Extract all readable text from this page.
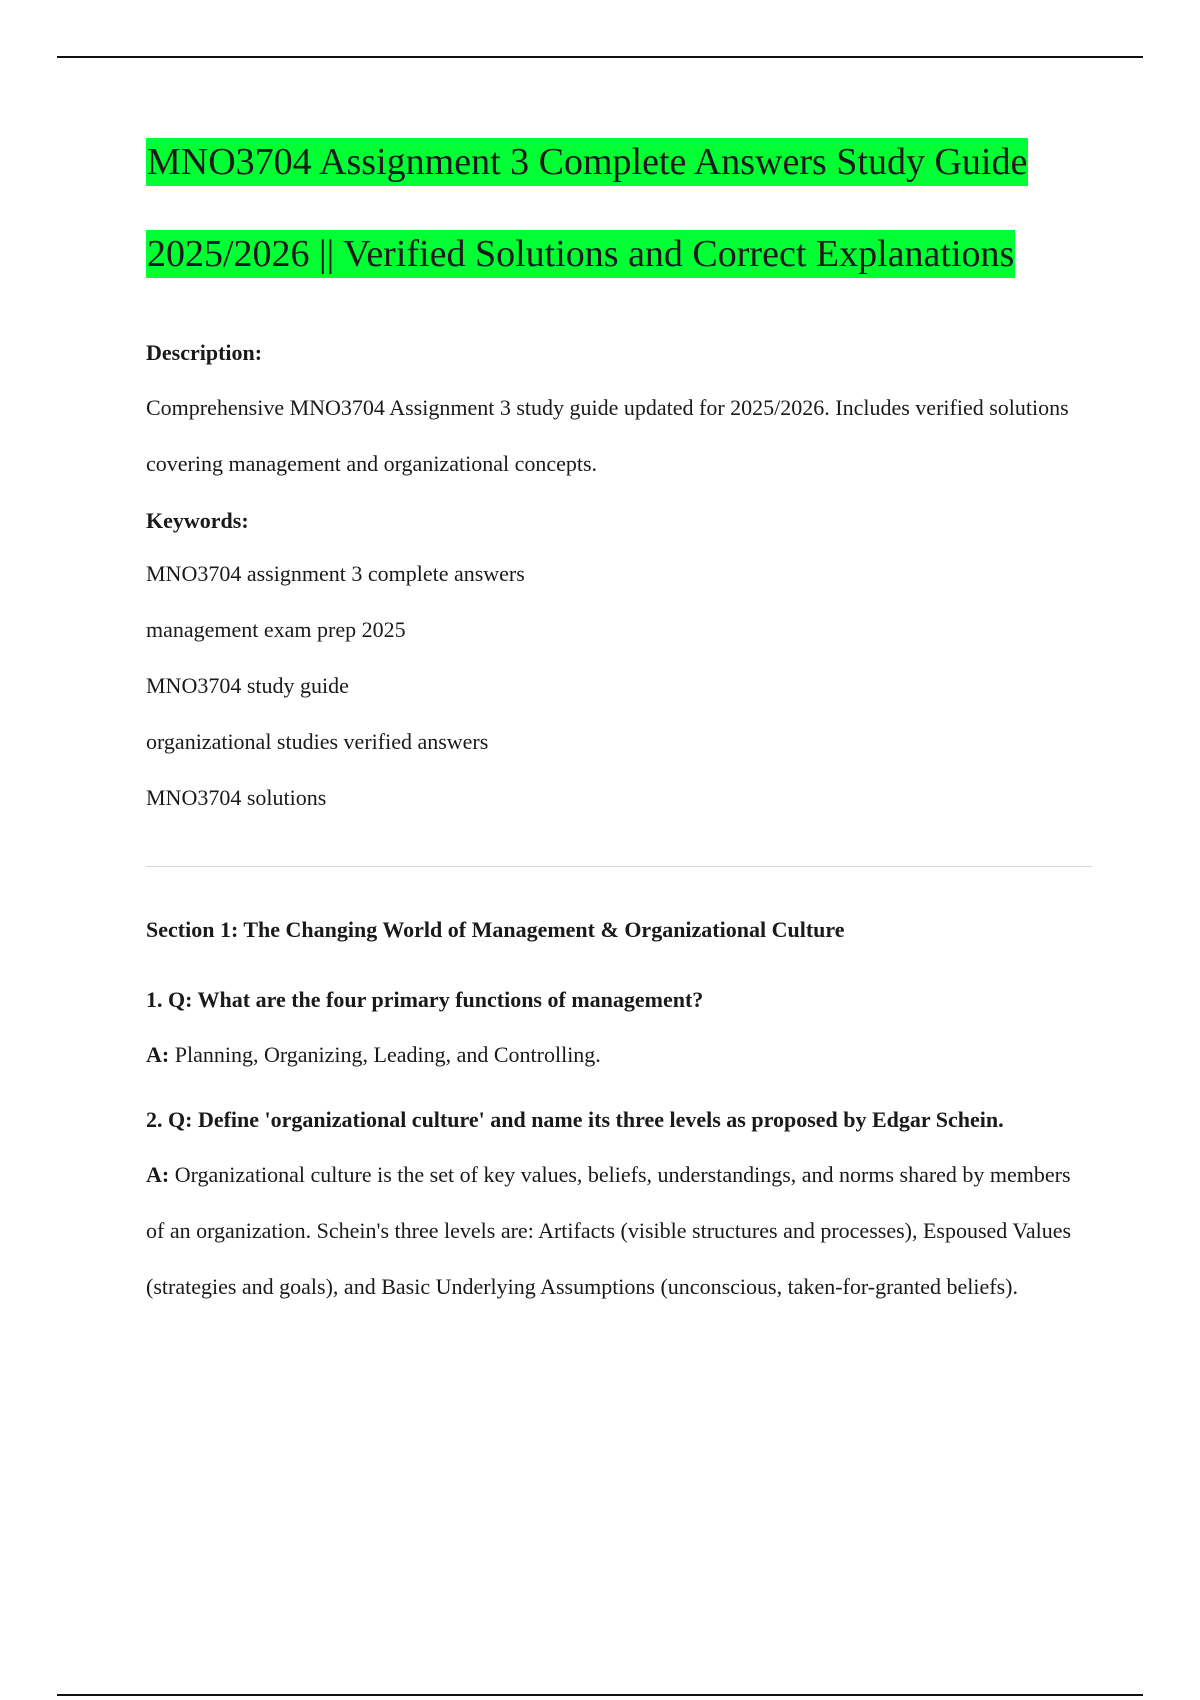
MNO3704 Assignment 3 Complete Answers Study Guide
2025/2026 || Verified Solutions and Correct Explanations

Description:

Comprehensive MNO3704 Assignment 3 study guide updated for 2025/2026. Includes verified solutions covering management and organizational concepts.

Keywords:

MNO3704 assignment 3 complete answers
management exam prep 2025
MNO3704 study guide
organizational studies verified answers
MNO3704 solutions

Section 1: The Changing World of Management & Organizational Culture

1. Q: What are the four primary functions of management?

A: Planning, Organizing, Leading, and Controlling.

2. Q: Define 'organizational culture' and name its three levels as proposed by Edgar Schein.

A: Organizational culture is the set of key values, beliefs, understandings, and norms shared by members of an organization. Schein's three levels are: Artifacts (visible structures and processes), Espoused Values (strategies and goals), and Basic Underlying Assumptions (unconscious, taken-for-granted beliefs).
